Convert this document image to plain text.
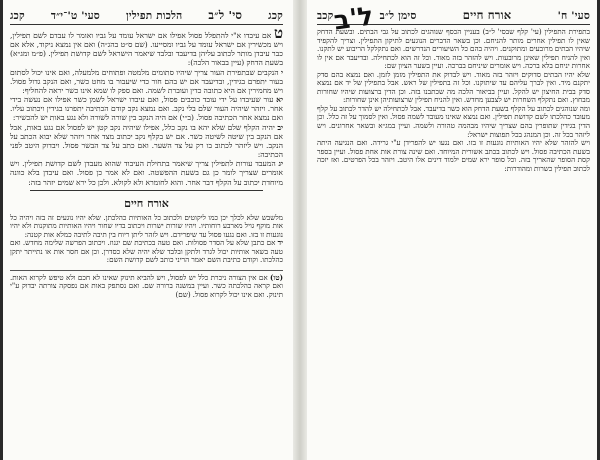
קכג
סי' ל״ב
הלכות תפילין
סעי' ט'־י״ד
קכג

ט אם עיבדו א"י להתפלל פסול אפילו אם ישראל עומד על גביו ואומר לו עבדם לשם תפילין, ויש מכשירין אם ישראל עומד על גביו ומסייעו. (שם ס״ט בהג״ה) ואם אין נמצא ניקוד, אלא אם כבר עיבדן מותר לכתוב עליהן בדיעבד ובלבד שיאמר הישראל לשם קדושת תפילין. (פ״מ ומג״א) בשעת הדחק (עיין בבאור הלכה):

י הנקבים שבתפירת העור צריך שיהיו סתומים מלמטה ופתוחים מלמעלה, ואם אינו יכול לסתום בעור יתפרם בגידין, ובדיעבד אם יש בהם חור כדי שיעבור בו מחט כשר, ואם הנקב גדול פסול. ויש מחמירין אם היא כתובה כדין ועוברת לשמה. ואם ספק לו שמא אינו כשר יראה להחליף:

יא עור שעיבדו על ידי עובד כוכבים פסול, ואם עיבדו ישראל לשמן כשר אפילו אם נעשה בידי אחר. ויזהר שיהיה העור שלם בלי נקב. ואם נמצא נקב קודם הכתיבה יתפרנו בגידין ויכתוב עליו. ואם נמצא אחר הכתיבה פסול. (ב״י) אם היה הנקב בין שורה לשורה ולא נגע באות יש להכשיר:

יב יהיה הקלף שלם שלא יהא בו נקב כלל, אפילו שיהיה נקב קטן יש לפסול אם נגע באות, אבל אם הנקב בין שיטה לשיטה כשר. אם יש בקלף נקב יכתוב מצד אחר ויזהר שלא יבוא הכתב על הנקב. ויש ליזהר לכתוב בו רק על צד השער. ואם כתב על צד הבשר פסול. ויבדוק היטב לפני הכתיבה:

יג המעבד עורות לתפילין צריך שיאמר בתחילת העיבוד שהוא מעבדן לשם קדושת תפילין. ויש אומרים שצריך לומר כן גם בשעת ההפשטה. ואם לא אמר כן פסול. ואם עיבדן בלא כוונה מיוחדת יכתוב על הקלף דבר אחר. והוא לחומרא ולא לקולא. ולכן כל ירא שמים יזהר בזה:

אורח חיים

מלשבש שלא לכלך יכן כמו ליקוטים ולכתוב כל האותיות כהלכתן. שלא יהיו נוגעים זה בזה ויהיה כל אות מוקף גויל מארבע רוחותיו. ויהיו שורות ישרות ויכתוב בדיו שחור ויהיו האותיות מתוקנות ולא יהיו נוגעות זו בזו. ואם נגעו פסול עד שיפרידם. ויש לזהר ליתן ריוח בין תיבה לתיבה כמלא אות קטנה:

יד אם כתבן שלא על הסדר פסולות. ואם טעה בכתיבת שם יגנוז. ויכתוב הפרשה שלימה מחדש. ואם טעה בשאר אותיות יכול לגרד ולתקן ובלבד שלא יהיה שלא כסדרן. וכן אם חסר אות או נתייתר יתקן כהלכתו. וקודם כתיבת השם יאמר הריני כותב לשם קדושת השם:

(טו) אם אין הצורה ניכרת כלל יש לפסול, ויש להביא תינוק שאינו לא חכם ולא טיפש לקרוא האות. ואם קראה כהלכתה כשר. ועיין במשנה ברורה שם. ואם נסתפק באות אם נפסקה צורתה יבדוק ע"י תינוק. ואם אינו יכול לקרוא פסול. (שם)

סעי' ח'
אורח חיים
סימן ל״ב
קכב

בתפירת התפילין (עי' קלף שבסי' ל״ב) בעניין הכסף שנוהגים לכתוב על גבי הבתים. ובשעת הדחק שאין לו תפילין אחרים מותר להניחם. וכן בשאר הדברים הנוגעים לתיקון התפילין. וצריך להקפיד שיהיו הבתים מרובעים ומתוקנים. ויהיה בהם כל השיעורים הנדרשים. ואם נתקלקל הריבוע יש לתקנו. ואין להניח תפילין שאינן מרובעות. ויש להזהר בזה מאוד. וכל זה הוא לכתחילה. ובדיעבד אם אין לו אחרות יניחם בלא ברכה. ויש אומרים שיניחם בברכה. ועיין בשער הציון שם:

שלא יהיו הבתים סדוקים ויזהר בזה מאוד. ויש לבדוק את התפילין מזמן לזמן. ואם נמצא בהם סדק יתקנם מיד. ואין לברך עליהם עד שיתוקנו. וכל זה בתפילין של ראש. אבל בתפילין של יד אם נמצא סדק בבית החיצון יש להקל. ועיין בביאור הלכה מה שכתבנו בזה. וכן הדין ברצועות שיהיו שחורות מבחוץ. ואם נתקלף השחרות יש לצבען מחדש. ואין להניח תפילין שרצועותיהן אינן שחורות:

ומה שנוהגים לכתוב על הקלף בשעת הדחק הוא כשר בדיעבד. אבל לכתחילה יש להדר לכתוב על קלף מעובד כהלכתו לשם קדושת תפילין. ואם נמצא שאינו מעובד לשמה פסול. ואין לסמוך על זה כלל. וכן הדין בגידין שתופרין בהם שצריך שיהיו מבהמה טהורה ולשמה. ועיין במג״א ובשאר אחרונים. ויש ליזהר בכל זה. וכן המנהג בכל תפוצות ישראל:

ויש להזהר שלא יהיו האותיות נוגעות זו בזו. ואם נגעו יש להפרידן ע"י גרידה. ואם הנגיעה היתה בשעת הכתיבה פסול. ויש לכתוב בכתב אשורית המיוחד. ואם שינה צורת אות אחת פסול. ועיין בספר קסת הסופר שהאריך בזה. וכל סופר ירא שמים ילמוד דינים אלו היטב. ויזהר בכל הפרטים. ואז יזכה לכתוב תפילין כשרות ומהודרות:

ל'ב
